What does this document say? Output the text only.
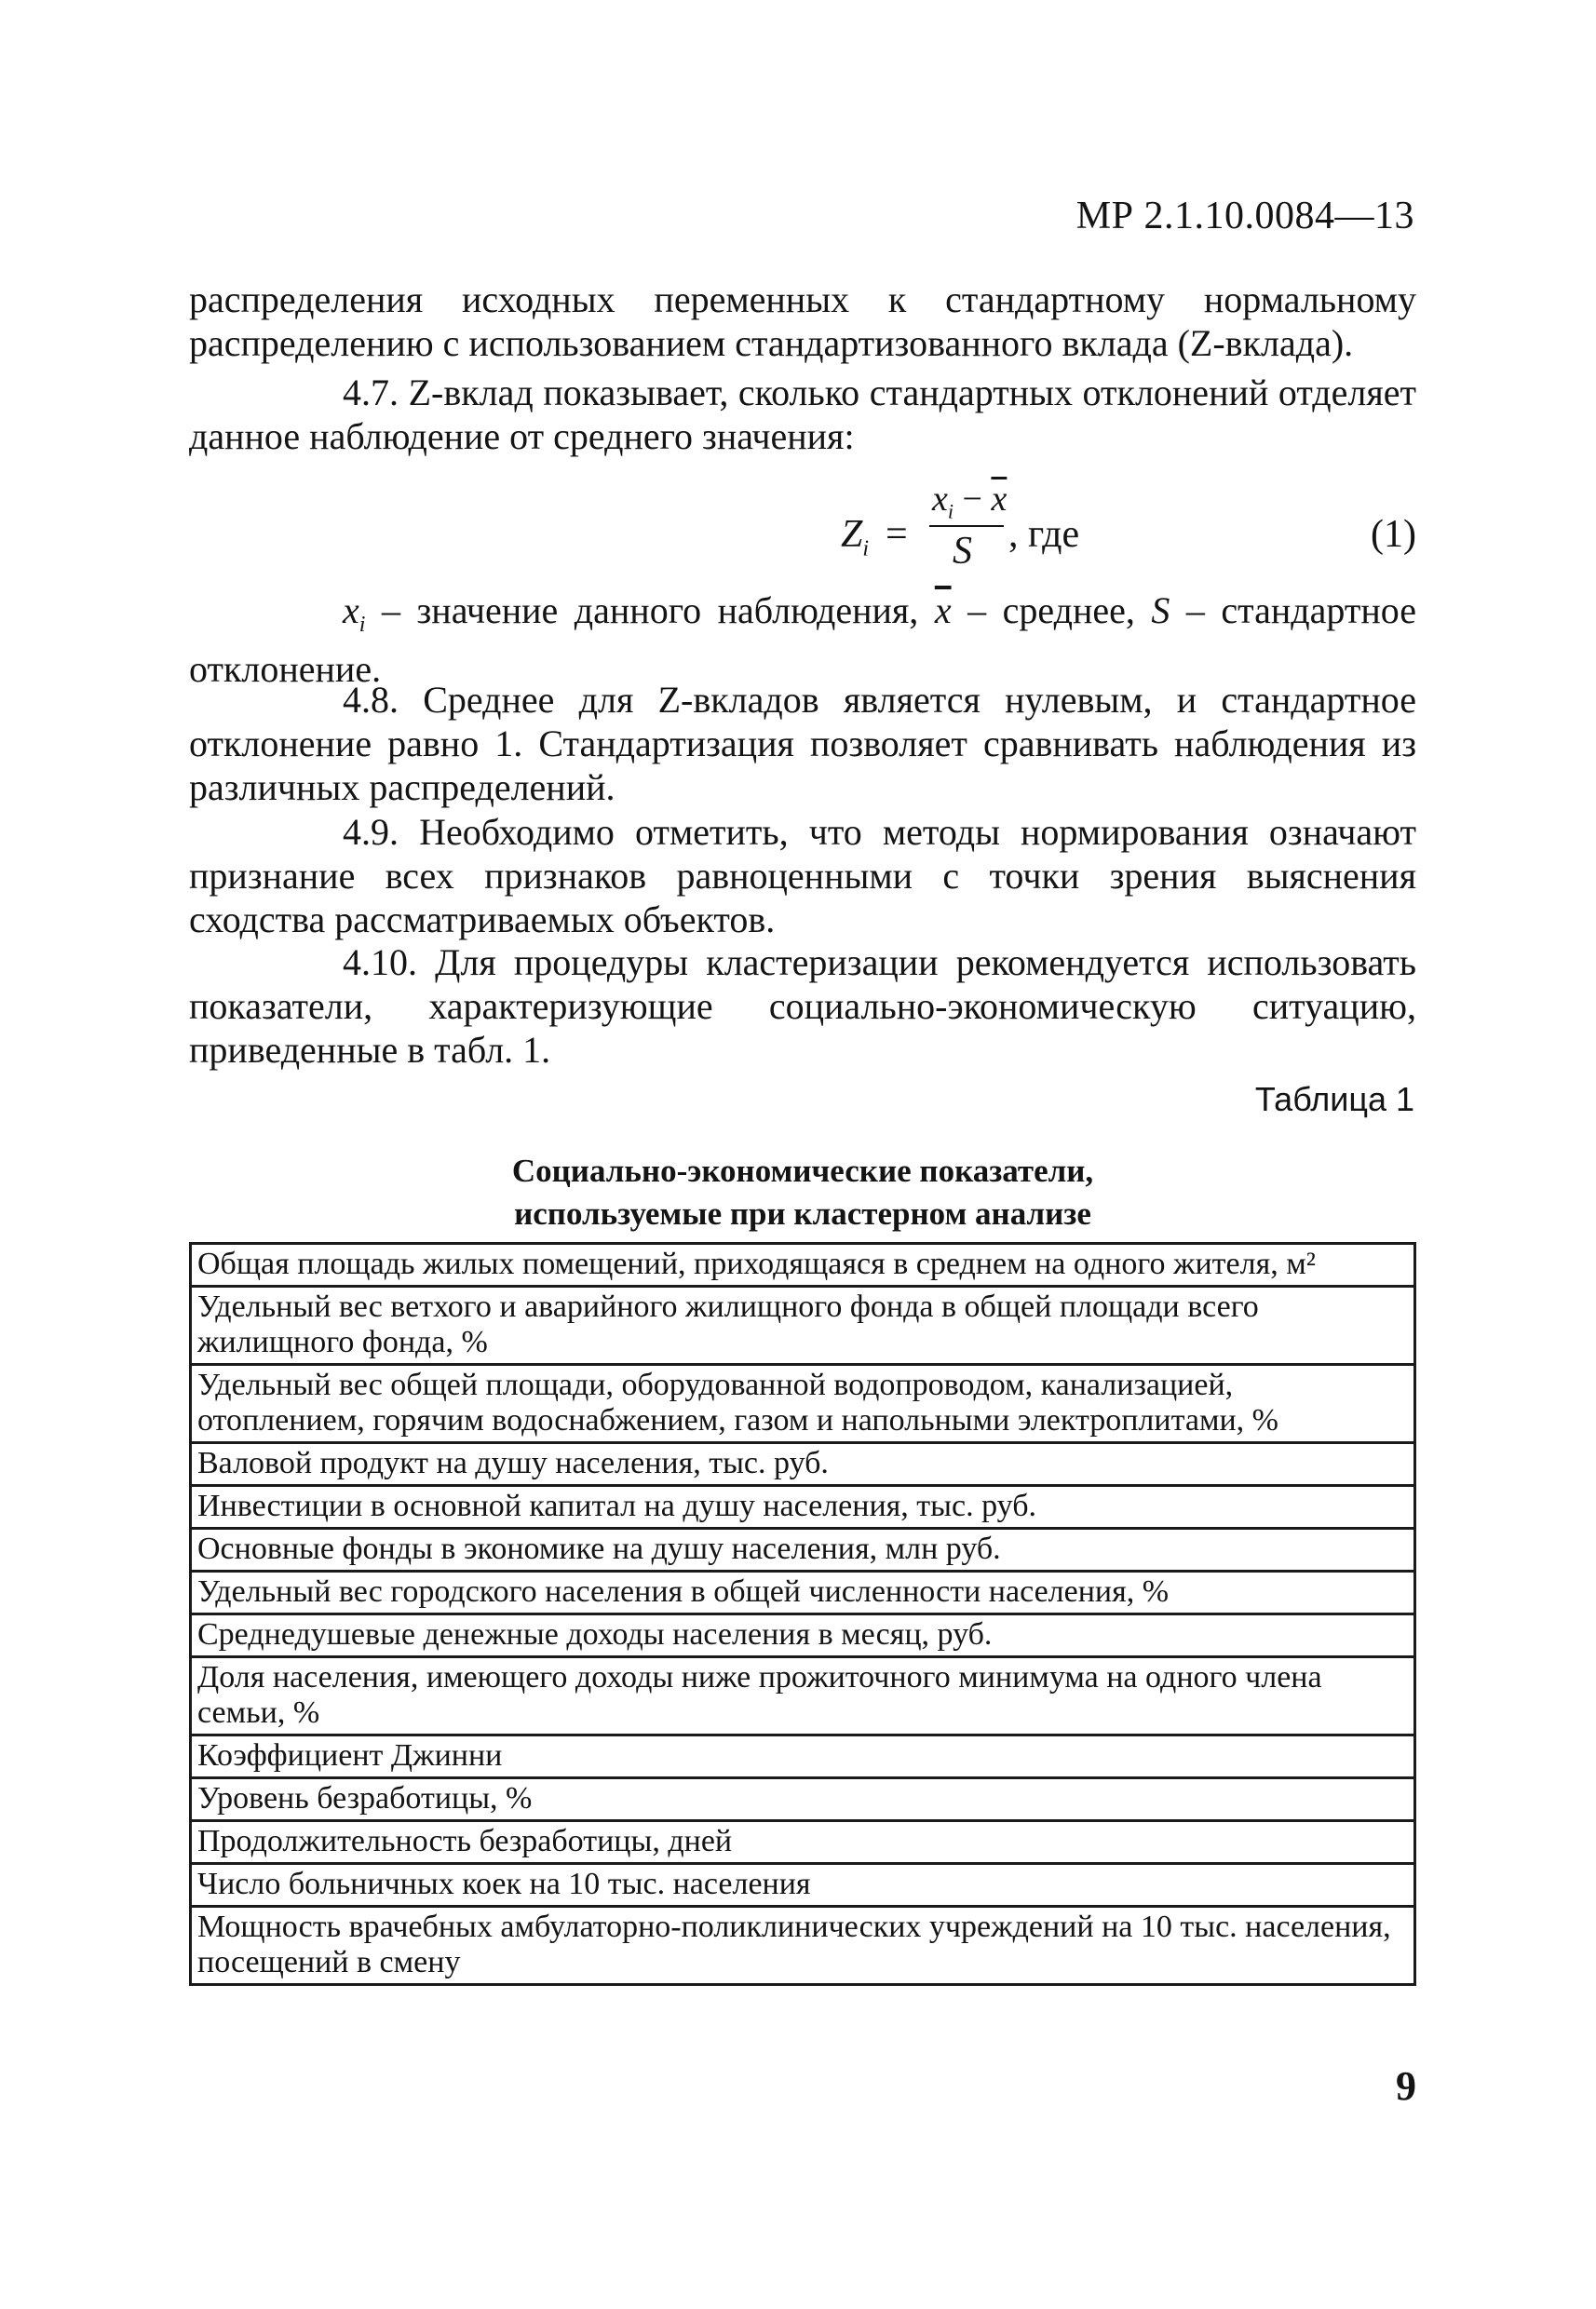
МР 2.1.10.0084—13

распределения исходных переменных к стандартному нормальному распределению с использованием стандартизованного вклада (Z-вклада).

4.7. Z-вклад показывает, сколько стандартных отклонений отделяет данное наблюдение от среднего значения:

$Z_i$ =
$x_i - \overline{x}$
S , где	(1)

$x_i$ – значение данного наблюдения, $\overline{x}$ – среднее, S – стандартное отклонение.

4.8. Среднее для Z-вкладов является нулевым, и стандартное отклонение равно 1. Стандартизация позволяет сравнивать наблюдения из различных распределений.

4.9. Необходимо отметить, что методы нормирования означают признание всех признаков равноценными с точки зрения выяснения сходства рассматриваемых объектов.

4.10. Для процедуры кластеризации рекомендуется использовать показатели, характеризующие социально-экономическую ситуацию, приведенные в табл. 1.

Таблица 1
Социально-экономические показатели,
используемые при кластерном анализе
Общая площадь жилых помещений, приходящаяся в среднем на одного жителя, м²
Удельный вес ветхого и аварийного жилищного фонда в общей площади всего жилищного фонда, %
Удельный вес общей площади, оборудованной водопроводом, канализацией, отоплением, горячим водоснабжением, газом и напольными электроплитами, %
Валовой продукт на душу населения, тыс. руб.
Инвестиции в основной капитал на душу населения, тыс. руб.
Основные фонды в экономике на душу населения, млн руб.
Удельный вес городского населения в общей численности населения, %
Среднедушевые денежные доходы населения в месяц, руб.
Доля населения, имеющего доходы ниже прожиточного минимума на одного члена семьи, %
Коэффициент Джинни
Уровень безработицы, %
Продолжительность безработицы, дней
Число больничных коек на 10 тыс. населения
Мощность врачебных амбулаторно-поликлинических учреждений на 10 тыс. населения, посещений в смену
9
